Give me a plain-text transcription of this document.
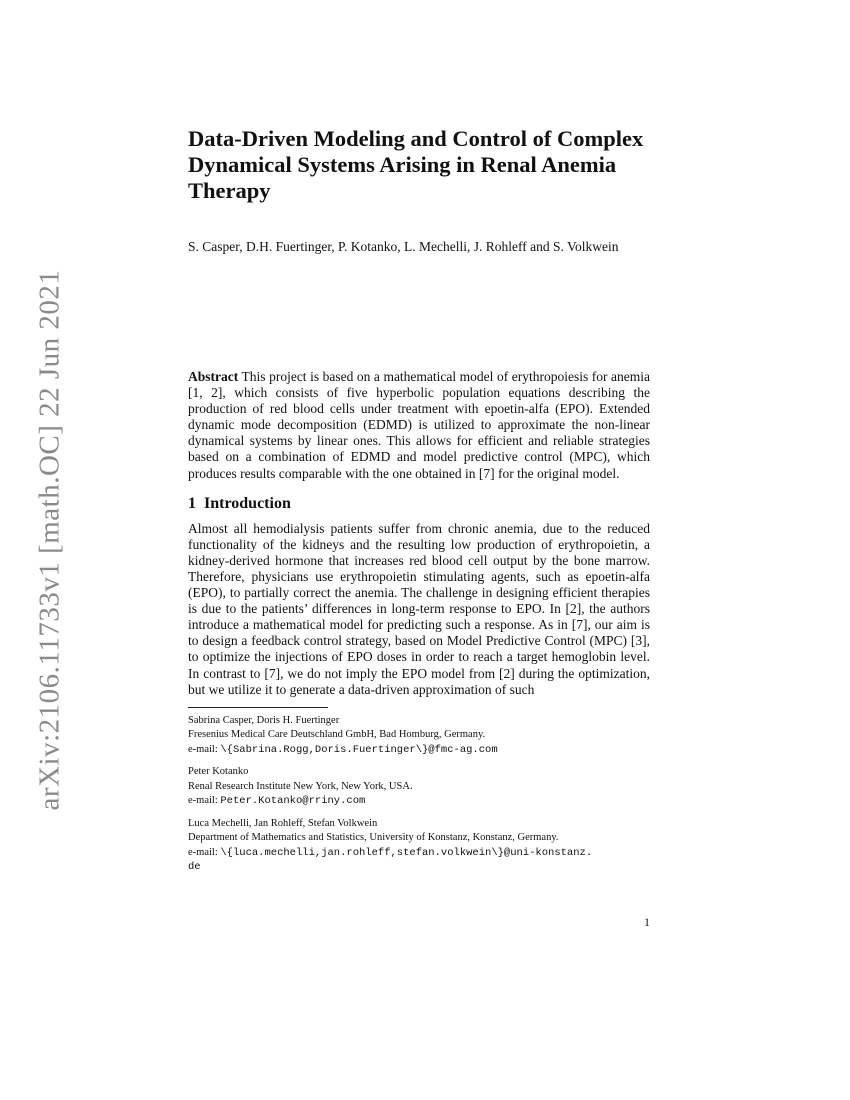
arXiv:2106.11733v1 [math.OC] 22 Jun 2021
Data-Driven Modeling and Control of Complex Dynamical Systems Arising in Renal Anemia Therapy
S. Casper, D.H. Fuertinger, P. Kotanko, L. Mechelli, J. Rohleff and S. Volkwein
Abstract This project is based on a mathematical model of erythropoiesis for anemia [1, 2], which consists of five hyperbolic population equations describing the production of red blood cells under treatment with epoetin-alfa (EPO). Extended dynamic mode decomposition (EDMD) is utilized to approximate the non-linear dynamical systems by linear ones. This allows for efficient and reliable strategies based on a combination of EDMD and model predictive control (MPC), which produces results comparable with the one obtained in [7] for the original model.
1 Introduction
Almost all hemodialysis patients suffer from chronic anemia, due to the reduced functionality of the kidneys and the resulting low production of erythropoietin, a kidney-derived hormone that increases red blood cell output by the bone marrow. Therefore, physicians use erythropoietin stimulating agents, such as epoetin-alfa (EPO), to partially correct the anemia. The challenge in designing efficient therapies is due to the patients’ differences in long-term response to EPO. In [2], the authors introduce a mathematical model for predicting such a response. As in [7], our aim is to design a feedback control strategy, based on Model Predictive Control (MPC) [3], to optimize the injections of EPO doses in order to reach a target hemoglobin level. In contrast to [7], we do not imply the EPO model from [2] during the optimization, but we utilize it to generate a data-driven approximation of such
Sabrina Casper, Doris H. Fuertinger
Fresenius Medical Care Deutschland GmbH, Bad Homburg, Germany.
e-mail: \{Sabrina.Rogg,Doris.Fuertinger\}@fmc-ag.com
Peter Kotanko
Renal Research Institute New York, New York, USA.
e-mail: Peter.Kotanko@rriny.com
Luca Mechelli, Jan Rohleff, Stefan Volkwein
Department of Mathematics and Statistics, University of Konstanz, Konstanz, Germany.
e-mail: \{luca.mechelli,jan.rohleff,stefan.volkwein\}@uni-konstanz.
de
1
